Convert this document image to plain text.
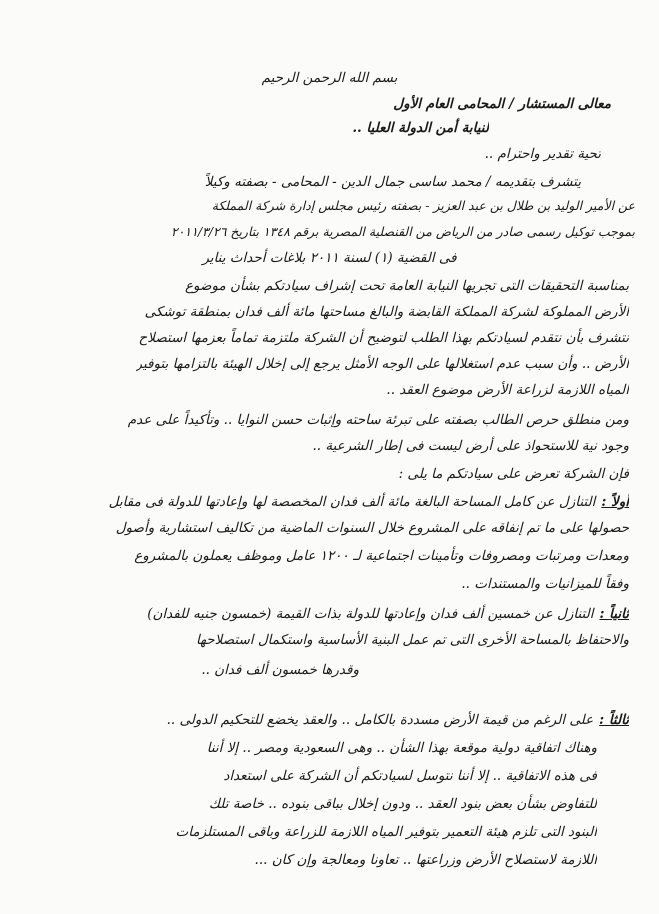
بسم الله الرحمن الرحيم
معالى المستشار / المحامى العام الأول
لنيابة أمن الدولة العليا ..
تحية تقدير واحترام ..
يتشرف بتقديمه / محمد ساسى جمال الدين - المحامى - بصفته وكيلاً
عن الأمير الوليد بن طلال بن عبد العزيز - بصفته رئيس مجلس إدارة شركة المملكة
بموجب توكيل رسمى صادر من الرياض من القنصلية المصرية برقم ١٣٤٨ بتاريخ ٢٠١١/٣/٢٦
فى القضية (١) لسنة ٢٠١١ بلاغات أحداث يناير
بمناسبة التحقيقات التى تجريها النيابة العامة تحت إشراف سيادتكم بشأن موضوع
الأرض المملوكة لشركة المملكة القابضة والبالغ مساحتها مائة ألف فدان بمنطقة توشكى
نتشرف بأن نتقدم لسيادتكم بهذا الطلب لتوضيح أن الشركة ملتزمة تماماً بعزمها استصلاح
الأرض .. وأن سبب عدم استغلالها على الوجه الأمثل يرجع إلى إخلال الهيئة بالتزامها بتوفير
المياه اللازمة لزراعة الأرض موضوع العقد ..
ومن منطلق حرص الطالب بصفته على تبرئة ساحته وإثبات حسن النوايا .. وتأكيداً على عدم
وجود نية للاستحواذ على أرض ليست فى إطار الشرعية ..
فإن الشركة تعرض على سيادتكم ما يلى :
أولاً :التنازل عن كامل المساحة البالغة مائة ألف فدان المخصصة لها وإعادتها للدولة فى مقابل
حصولها على ما تم إنفاقه على المشروع خلال السنوات الماضية من تكاليف استشارية وأصول
ومعدات ومرتبات ومصروفات وتأمينات اجتماعية لـ ١٢٠٠ عامل وموظف يعملون بالمشروع
وفقاً للميزانيات والمستندات ..
ثانياً :التنازل عن خمسين ألف فدان وإعادتها للدولة بذات القيمة (خمسون جنيه للفدان)
والاحتفاظ بالمساحة الأخرى التى تم عمل البنية الأساسية واستكمال استصلاحها
وقدرها خمسون ألف فدان ..
ثالثاً :على الرغم من قيمة الأرض مسددة بالكامل .. والعقد يخضع للتحكيم الدولى ..
وهناك اتفاقية دولية موقعة بهذا الشأن .. وهى السعودية ومصر .. إلا أننا
فى هذه الاتفاقية .. إلا أننا نتوسل لسيادتكم أن الشركة على استعداد
للتفاوض بشأن بعض بنود العقد .. ودون إخلال بباقى بنوده .. خاصة تلك
البنود التى تلزم هيئة التعمير بتوفير المياه اللازمة للزراعة وباقى المستلزمات
اللازمة لاستصلاح الأرض وزراعتها .. تعاونا ومعالجة وإن كان ...
